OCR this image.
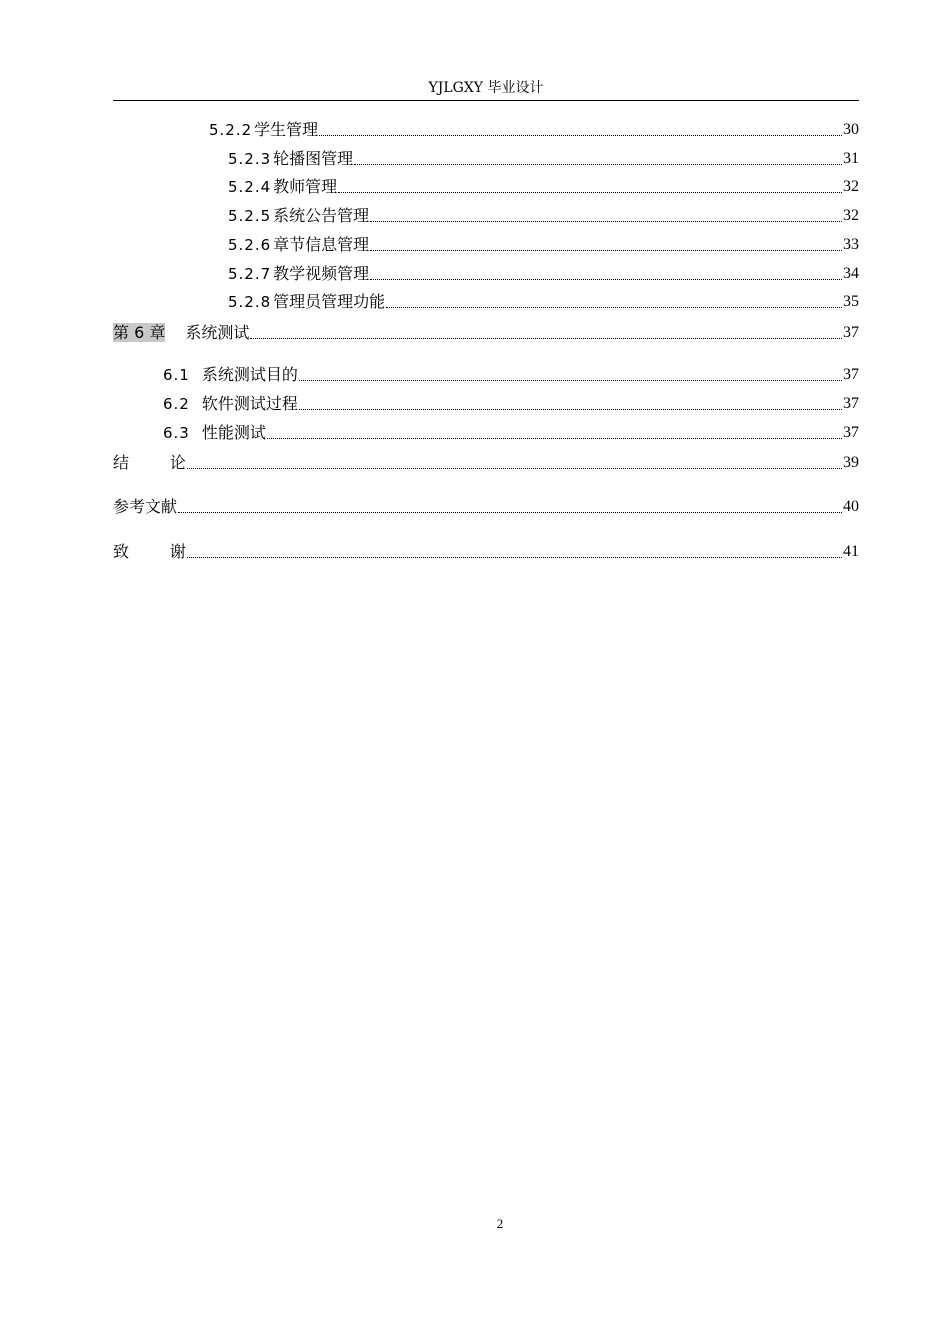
YJLGXY 毕业设计
5.2.2 学生管理	30
5.2.3 轮播图管理	31
5.2.4 教师管理	32
5.2.5 系统公告管理	32
5.2.6 章节信息管理	33
5.2.7 教学视频管理	34
5.2.8 管理员管理功能	35
第 6 章 系统测试	37
6.1 系统测试目的	37
6.2 软件测试过程	37
6.3 性能测试	37
结        论	39
参考文献	40
致        谢	41
2
